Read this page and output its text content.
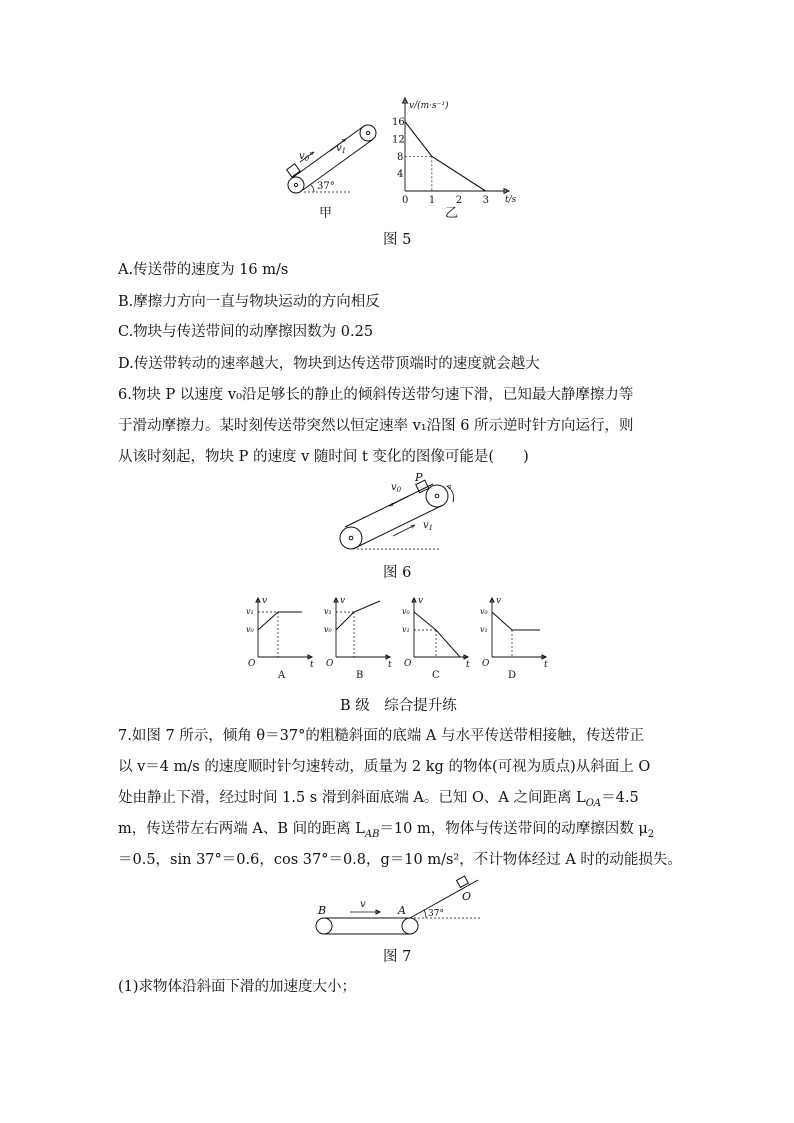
37°
$v_0$
$v_1$
甲
v/(m·s⁻¹)
t/s
0 1 2 3
4
8
12
16
乙
图 5
A.传送带的速度为 16 m/s
B.摩擦力方向一直与物块运动的方向相反
C.物块与传送带间的动摩擦因数为 0.25
D.传送带转动的速率越大，物块到达传送带顶端时的速度就会越大
6.物块 P 以速度 v₀沿足够长的静止的倾斜传送带匀速下滑，已知最大静摩擦力等
于滑动摩擦力。某时刻传送带突然以恒定速率 v₁沿图 6 所示逆时针方向运行，则
从该时刻起，物块 P 的速度 v 随时间 t 变化的图像可能是(　　)
P
$v_0$
$v_1$
图 6
v
t
O
v₁
v₀
A
v
t
O
v₁
v₀
B
v
t
O
v₀
v₁
C
v
t
O
v₀
v₁
D
B 级　综合提升练
7.如图 7 所示，倾角 θ＝37°的粗糙斜面的底端 A 与水平传送带相接触，传送带正
以 v＝4 m/s 的速度顺时针匀速转动，质量为 2 kg 的物体(可视为质点)从斜面上 O
处由静止下滑，经过时间 1.5 s 滑到斜面底端 A。已知 O、A 之间距离 $L_{OA}=4.5$
m，传送带左右两端 A、B 间的距离 $L_{AB}=10$ m，物体与传送带间的动摩擦因数 $\mu_2$
＝0.5，sin 37°＝0.6，cos 37°＝0.8，g＝10 m/s²，不计物体经过 A 时的动能损失。
37°
B	A
O
v
图 7
(1)求物体沿斜面下滑的加速度大小；
